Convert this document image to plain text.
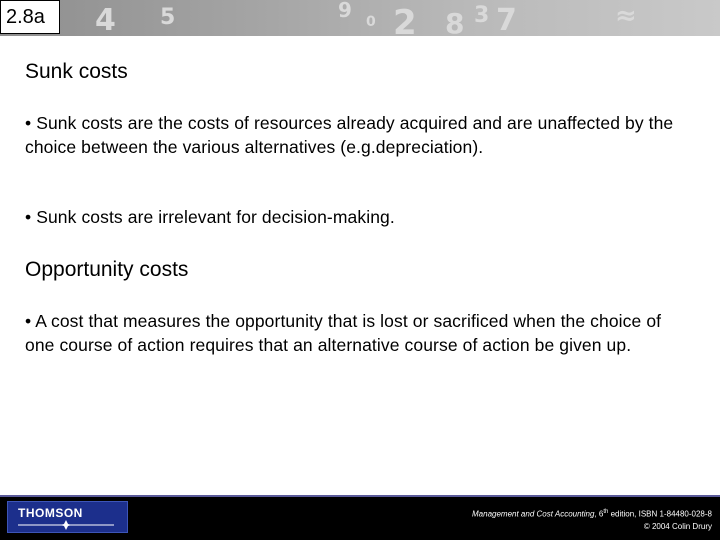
4 5	9 0 2 8 3 7	≈
2.8a
Sunk costs
• Sunk costs are the costs of resources already acquired and are unaffected by the choice between the various alternatives (e.g.depreciation).
• Sunk costs are irrelevant for decision-making.
Opportunity costs
• A cost that measures the opportunity that is lost or sacrificed when the choice of one course of action requires that an alternative course of action be given up.
THOMSON	Management and Cost Accounting, 6th edition, ISBN 1-84480-028-8
© 2004 Colin Drury
